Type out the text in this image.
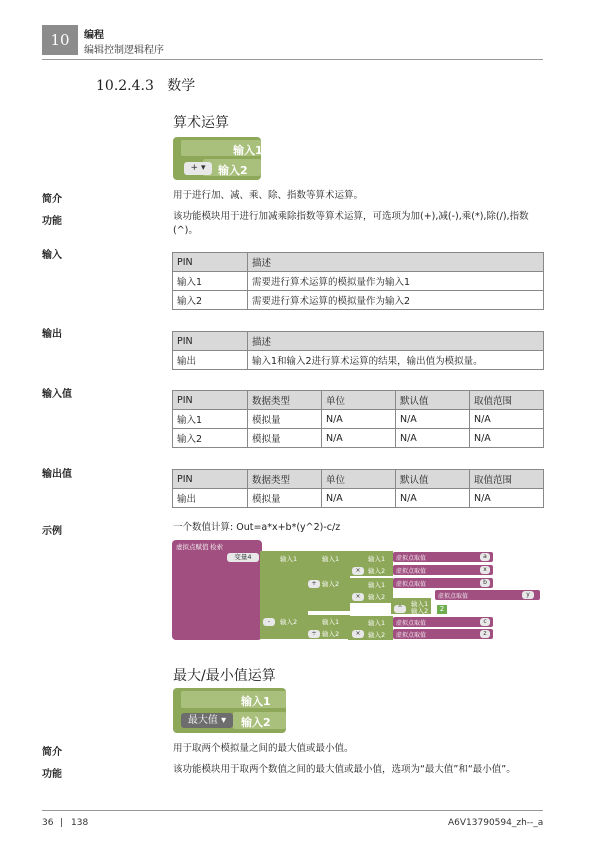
10	编程
编辑控制逻辑程序
10.2.4.3 数学
算术运算
输入1
输入2
+ ▾
简介	用于进行加、减、乘、除、指数等算术运算。
功能	该功能模块用于进行加减乘除指数等算术运算，可选项为加(+),减(-),乘(*),除(/),指数(^)。
输入
PIN	描述
输入1	需要进行算术运算的模拟量作为输入1
输入2	需要进行算术运算的模拟量作为输入2
输出
PIN	描述
输出	输入1和输入2进行算术运算的结果，输出值为模拟量。
输入值	PIN	数据类型	单位	默认值	取值范围
输入1	模拟量	N/A	N/A	N/A
输入2	模拟量	N/A	N/A	N/A
输出值	PIN	数据类型	单位	默认值	取值范围
输出	模拟量	N/A	N/A	N/A
示例	一个数值计算: Out=a*x+b*(y^2)-c/z
虚拟点赋值 检索
变量4	输入1
输入2
-
输入1
输入2
+
输入1
输入2
÷
输入1
输入2
×
输入1
输入2
×
输入1
输入2
^	2
输入1
输入2
×
虚拟点取值	a
虚拟点取值	x
虚拟点取值	b
虚拟点取值	y
虚拟点取值	c
虚拟点取值	z
最大/最小值运算
输入1
输入2
最大值 ▾
简介	用于取两个模拟量之间的最大值或最小值。
功能	该功能模块用于取两个数值之间的最大值或最小值，选项为“最大值”和“最小值”。
36 | 138	A6V13790594_zh--_a
